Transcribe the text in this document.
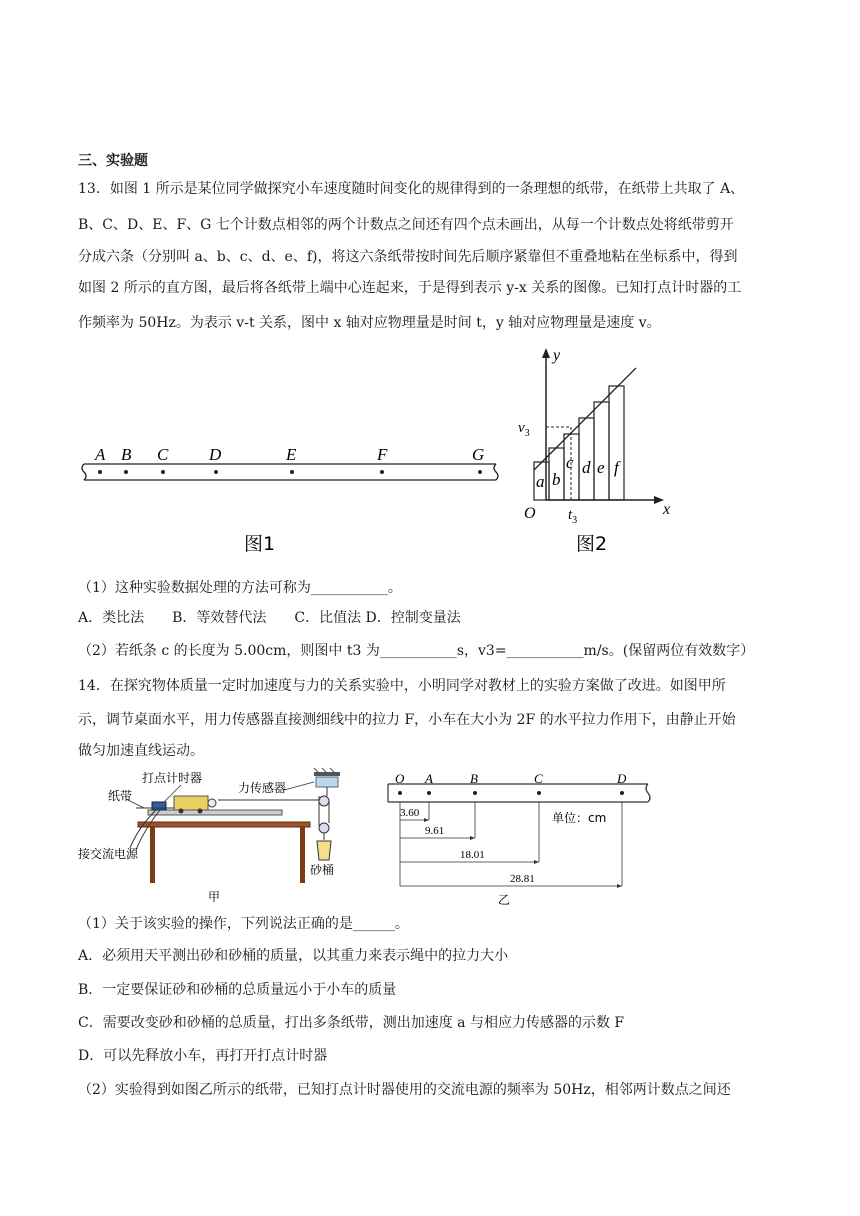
三、实验题
13．如图 1 所示是某位同学做探究小车速度随时间变化的规律得到的一条理想的纸带，在纸带上共取了 A、
B、C、D、E、F、G 七个计数点相邻的两个计数点之间还有四个点未画出，从每一个计数点处将纸带剪开
分成六条（分别叫 a、b、c、d、e、f)，将这六条纸带按时间先后顺序紧靠但不重叠地粘在坐标系中，得到
如图 2 所示的直方图，最后将各纸带上端中心连起来，于是得到表示 y-x 关系的图像。已知打点计时器的工
作频率为 50Hz。为表示 v-t 关系，图中 x 轴对应物理量是时间 t，y 轴对应物理量是速度 v。
A B C D	E	F	G
图1
y
x
O
$v_3$
$t_3$
a b
c d e f
图2
（1）这种实验数据处理的方法可称为___________。
A．类比法　　B．等效替代法　　C．比值法 D．控制变量法
（2）若纸条 c 的长度为 5.00cm，则图中 t3 为___________s，v3=___________m/s。(保留两位有效数字）
14．在探究物体质量一定时加速度与力的关系实验中，小明同学对教材上的实验方案做了改进。如图甲所
示，调节桌面水平，用力传感器直接测细线中的拉力 F，小车在大小为 2F 的水平拉力作用下，由静止开始
做匀加速直线运动。
打点计时器
力传感器
纸带
接交流电源
砂桶
甲
O A	B	C	D
3.60
9.61
18.01
28.81
单位：cm
乙
（1）关于该实验的操作，下列说法正确的是______。
A．必须用天平测出砂和砂桶的质量，以其重力来表示绳中的拉力大小
B．一定要保证砂和砂桶的总质量远小于小车的质量
C．需要改变砂和砂桶的总质量，打出多条纸带，测出加速度 a 与相应力传感器的示数 F
D．可以先释放小车，再打开打点计时器
（2）实验得到如图乙所示的纸带，已知打点计时器使用的交流电源的频率为 50Hz，相邻两计数点之间还
